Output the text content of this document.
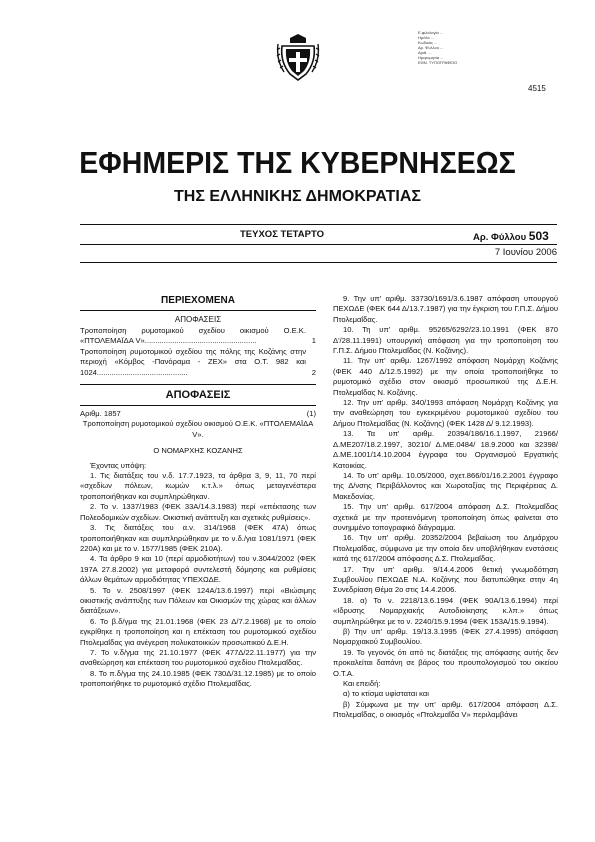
Ε.φιλολογία ...
Ημ/νία ...
Κωδικός ...
Αρ. Φύλλου ...
Αριθ. ...
Ημερομηνία ...
ΕΘΝ. ΤΥΠΟΓΡΑΦΕΙΟ
4515
ΕΦΗΜΕΡΙΣ ΤΗΣ ΚΥΒΕΡΝΗΣΕΩΣ
ΤΗΣ ΕΛΛΗΝΙΚΗΣ ΔΗΜΟΚΡΑΤΙΑΣ
ΤΕΥΧΟΣ ΤΕΤΑΡΤΟ	Αρ. Φύλλου 503
7 Ιουνίου 2006

ΠΕΡΙΕΧΟΜΕΝΑ

ΑΠΟΦΑΣΕΙΣ

Τροποποίηση ρυμοτομικού σχεδίου οικισμού Ο.Ε.Κ. «ΠΤΟΛΕΜΑΪΔΑ V».....................................................	1
Τροποποίηση ρυμοτομικού σχεδίου της πόλης της Κοζάνης στην περιοχή «Κόμβος -Πανόραμα - ΖΕΧ» στα Ο.Τ. 982 και 1024...........................................	2

ΑΠΟΦΑΣΕΙΣ

Αριθμ. 1857	(1)

Τροποποίηση ρυμοτομικού σχεδίου οικισμού Ο.Ε.Κ. «ΠΤΟΛΕΜΑΪΔΑ V».

Ο ΝΟΜΑΡΧΗΣ ΚΟΖΑΝΗΣ

Έχοντας υπόψη:

1. Τις διατάξεις του ν.δ. 17.7.1923, τα άρθρα 3, 9, 11, 70 περί «σχεδίων πόλεων, κωμών κ.τ.λ.» όπως μεταγενέστερα τροποποιήθηκαν και συμπληρώθηκαν.

2. Το ν. 1337/1983 (ΦΕΚ 33Α/14.3.1983) περί «επέκτασης των Πολεοδομικών σχεδίων. Οικιστική ανάπτυξη και σχετικές ρυθμίσεις».

3. Τις διατάξεις του α.ν. 314/1968 (ΦΕΚ 47Α) όπως τροποποιήθηκαν και συμπληρώθηκαν με το ν.δ./για 1081/1971 (ΦΕΚ 220Α) και με το ν. 1577/1985 (ΦΕΚ 210Α).

4. Τα άρθρο 9 και 10 (περί αρμοδιοτήτων) του ν.3044/2002 (ΦΕΚ 197Α 27.8.2002) για μεταφορά συντελεστή δόμησης και ρυθμίσεις άλλων θεμάτων αρμοδιότητας ΥΠΕΧΩΔΕ.

5. Το ν. 2508/1997 (ΦΕΚ 124Α/13.6.1997) περί «Βιώσιμης οικιστικής ανάπτυξης των Πόλεων και Οικισμών της χώρας και άλλων διατάξεων».

6. Το β.δ/γμα της 21.01.1968 (ΦΕΚ 23 Δ/7.2.1968) με το οποίο εγκρίθηκε η τροποποίηση και η επέκταση του ρυμοτομικού σχεδίου Πτολεμαΐδας για ανέγερση πολυκατοικιών προσωπικού Δ.Ε.Η.

7. Το ν.δ/γμα της 21.10.1977 (ΦΕΚ 477Δ/22.11.1977) για την αναθεώρηση και επέκταση του ρυμοτομικού σχεδίου Πτολεμαΐδας.

8. Το π.δ/γμα της 24.10.1985 (ΦΕΚ 730Δ/31.12.1985) με το οποίο τροποποιήθηκε το ρυμοτομικό σχέδιο Πτολεμαΐδας.

9. Την υπ' αριθμ. 33730/1691/3.6.1987 απόφαση υπουργού ΠΕΧΩΔΕ (ΦΕΚ 644 Δ/13.7.1987) για την έγκριση του Γ.Π.Σ. Δήμου Πτολεμαΐδας.

10. Τη υπ' αριθμ. 95265/6292/23.10.1991 (ΦΕΚ 870 Δ'/28.11.1991) υπουργική απόφαση για την τροποποίηση του Γ.Π.Σ. Δήμου Πτολεμαΐδας (Ν. Κοζάνης).

11. Την υπ' αριθμ. 1267/1992 απόφαση Νομάρχη Κοζάνης (ΦΕΚ 440 Δ/12.5.1992) με την οποία τροποποιήθηκε το ρυμοτομικό σχέδιο στον οικισμό προσωπικού της Δ.Ε.Η. Πτολεμαΐδας Ν. Κοζάνης.

12. Την υπ' αριθμ. 340/1993 απόφαση Νομάρχη Κοζάνης για την αναθεώρηση του εγκεκριμένου ρυμοτομικού σχεδίου του Δήμου Πτολεμαΐδας (Ν. Κοζάνης) (ΦΕΚ 1428 Δ/ 9.12.1993).

13. Τα υπ' αριθμ. 20394/186/16.1.1997, 21966/Δ.ΜΕ207/18.2.1997, 30210/ Δ.ΜΕ.0484/ 18.9.2000 και 32398/Δ.ΜΕ.1001/14.10.2004 έγγραφα του Οργανισμού Εργατικής Κατοικίας.

14. Το υπ' αριθμ. 10.05/2000, σχετ.866/01/16.2.2001 έγγραφο της Δ/νσης Περιβάλλοντος και Χωροταξίας της Περιφέρειας Δ. Μακεδονίας.

15. Την υπ' αριθμ. 617/2004 απόφαση Δ.Σ. Πτολεμαΐδας σχετικά με την προτεινόμενη τροποποίηση όπως φαίνεται στο συνημμένο τοπογραφικό διάγραμμα.

16. Την υπ' αριθμ. 20352/2004 βεβαίωση του Δημάρχου Πτολεμαΐδας, σύμφωνα με την οποία δεν υποβλήθηκαν ενστάσεις κατά της 617/2004 απόφασης Δ.Σ. Πτολεμαΐδας.

17. Την υπ' αριθμ. 9/14.4.2006 θετική γνωμοδότηση Συμβουλίου ΠΕΧΩΔΕ Ν.Α. Κοζάνης που διατυπώθηκε στην 4η Συνεδρίαση Θέμα 2ο στις 14.4.2006.

18. α) Το ν. 2218/13.6.1994 (ΦΕΚ 90Α/13.6.1994) περί «Ιδρυσης Νομαρχιακής Αυτοδιοίκησης κ.λπ.» όπως συμπληρώθηκε με το ν. 2240/15.9.1994 (ΦΕΚ 153Α/15.9.1994).

β) Την υπ' αριθμ. 19/13.3.1995 (ΦΕΚ 27.4.1995) απόφαση Νομαρχιακού Συμβουλίου.

19. Το γεγονός ότι από τις διατάξεις της απόφασης αυτής δεν προκαλείται δαπάνη σε βάρος του προυπολογισμού του οικείου Ο.Τ.Α.

Και επειδή:

α) το κτίσμα υφίσταται και

β) Σύμφωνα με την υπ' αριθμ. 617/2004 απόφαση Δ.Σ. Πτολεμαΐδας, ο οικισμός «Πτολεμαΐδα V» περιλαμβάνει
